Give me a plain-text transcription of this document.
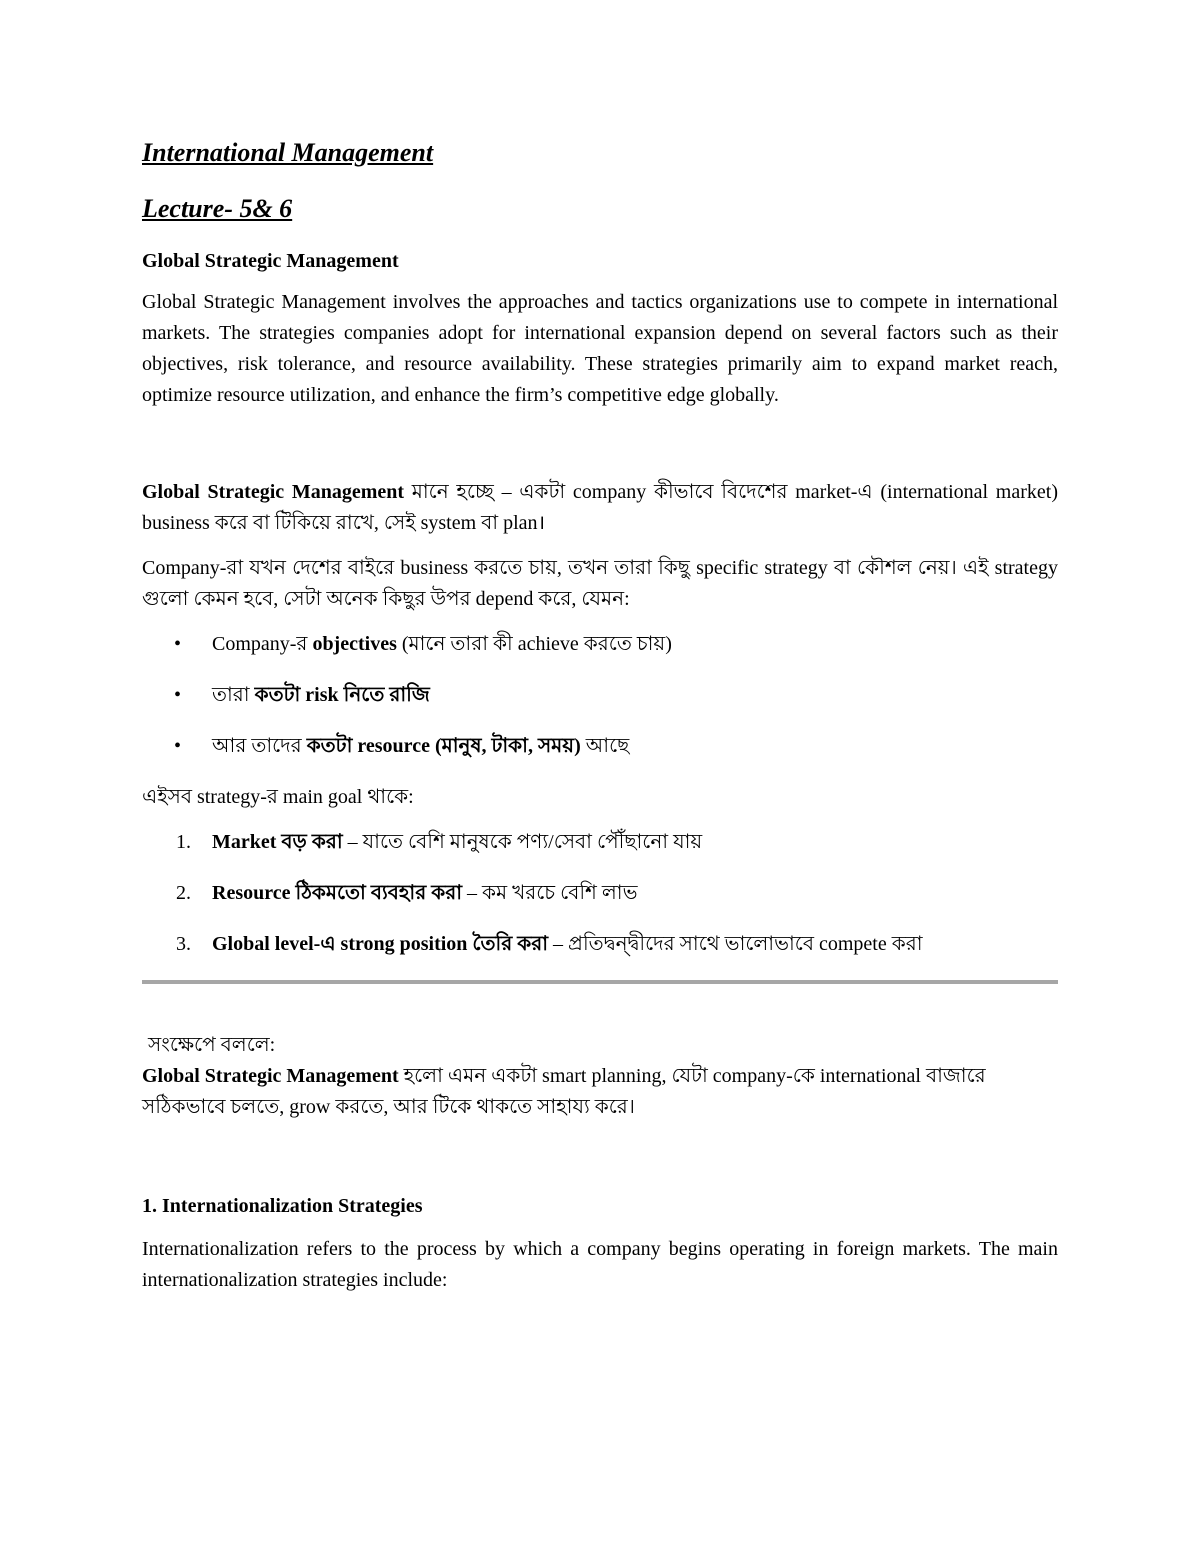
International Management

Lecture- 5& 6

Global Strategic Management

Global Strategic Management involves the approaches and tactics organizations use to compete in international markets. The strategies companies adopt for international expansion depend on several factors such as their objectives, risk tolerance, and resource availability. These strategies primarily aim to expand market reach, optimize resource utilization, and enhance the firm’s competitive edge globally.

Global Strategic Management মানে হচ্ছে – একটা company কীভাবে বিদেশের market-এ (international market) business করে বা টিকিয়ে রাখে, সেই system বা plan।

Company-রা যখন দেশের বাইরে business করতে চায়, তখন তারা কিছু specific strategy বা কৌশল নেয়। এই strategy গুলো কেমন হবে, সেটা অনেক কিছুর উপর depend করে, যেমন:

• Company-র objectives (মানে তারা কী achieve করতে চায়)
• তারা কতটা risk নিতে রাজি
• আর তাদের কতটা resource (মানুষ, টাকা, সময়) আছে

এইসব strategy-র main goal থাকে:

1. Market বড় করা – যাতে বেশি মানুষকে পণ্য/সেবা পৌঁছানো যায়
2. Resource ঠিকমতো ব্যবহার করা – কম খরচে বেশি লাভ
3. Global level-এ strong position তৈরি করা – প্রতিদ্বন্দ্বীদের সাথে ভালোভাবে compete করা
সংক্ষেপে বললে:
Global Strategic Management হলো এমন একটা smart planning, যেটা company-কে international বাজারে সঠিকভাবে চলতে, grow করতে, আর টিকে থাকতে সাহায্য করে।

1. Internationalization Strategies

Internationalization refers to the process by which a company begins operating in foreign markets. The main internationalization strategies include:
